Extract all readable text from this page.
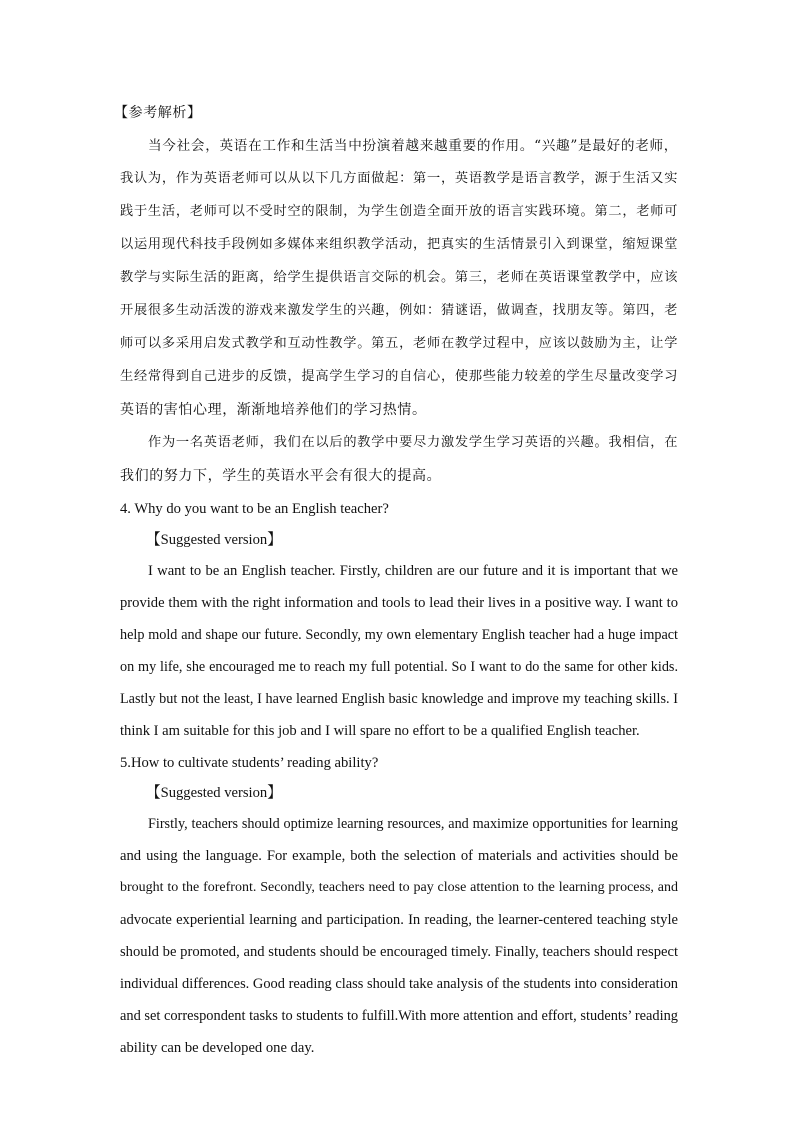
【参考解析】
当今社会，英语在工作和生活当中扮演着越来越重要的作用。“兴趣”是最好的老师，
我认为，作为英语老师可以从以下几方面做起：第一，英语教学是语言教学，源于生活又实
践于生活，老师可以不受时空的限制，为学生创造全面开放的语言实践环境。第二，老师可
以运用现代科技手段例如多媒体来组织教学活动，把真实的生活情景引入到课堂，缩短课堂
教学与实际生活的距离，给学生提供语言交际的机会。第三，老师在英语课堂教学中，应该
开展很多生动活泼的游戏来激发学生的兴趣，例如：猜谜语，做调查，找朋友等。第四，老
师可以多采用启发式教学和互动性教学。第五，老师在教学过程中，应该以鼓励为主，让学
生经常得到自己进步的反馈，提高学生学习的自信心，使那些能力较差的学生尽量改变学习
英语的害怕心理，渐渐地培养他们的学习热情。
作为一名英语老师，我们在以后的教学中要尽力激发学生学习英语的兴趣。我相信，在
我们的努力下，学生的英语水平会有很大的提高。
4. Why do you want to be an English teacher?
【Suggested version】
I want to be an English teacher. Firstly, children are our future and it is important that we
provide them with the right information and tools to lead their lives in a positive way. I want to
help mold and shape our future. Secondly, my own elementary English teacher had a huge impact
on my life, she encouraged me to reach my full potential. So I want to do the same for other kids.
Lastly but not the least, I have learned English basic knowledge and improve my teaching skills. I
think I am suitable for this job and I will spare no effort to be a qualified English teacher.
5.How to cultivate students’ reading ability?
【Suggested version】
Firstly, teachers should optimize learning resources, and maximize opportunities for learning
and using the language. For example, both the selection of materials and activities should be
brought to the forefront. Secondly, teachers need to pay close attention to the learning process, and
advocate experiential learning and participation. In reading, the learner-centered teaching style
should be promoted, and students should be encouraged timely. Finally, teachers should respect
individual differences. Good reading class should take analysis of the students into consideration
and set correspondent tasks to students to fulfill.With more attention and effort, students’ reading
ability can be developed one day.
